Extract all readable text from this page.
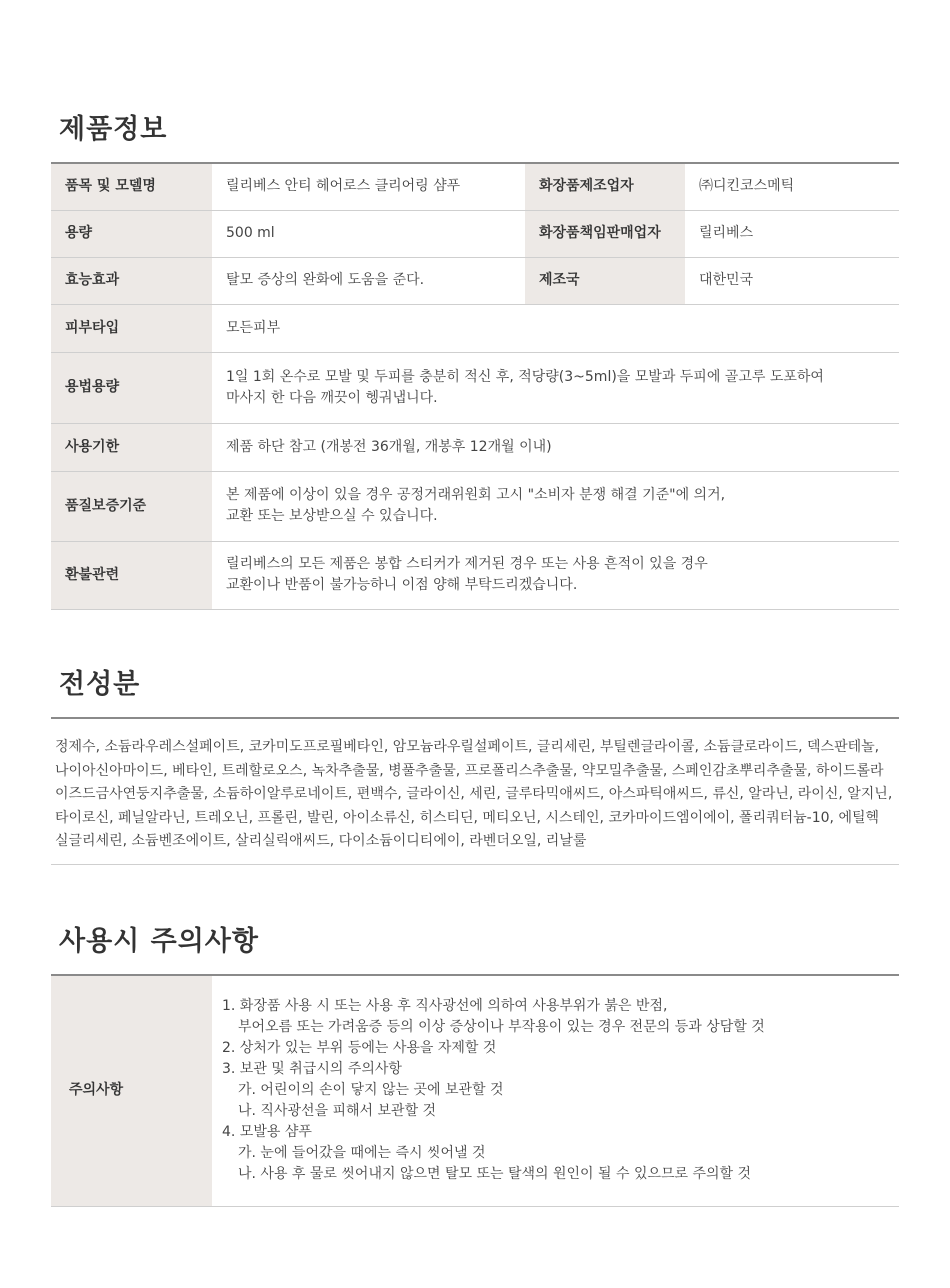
제품정보
품목 및 모델명	릴리베스 안티 헤어로스 클리어링 샴푸	화장품제조업자	㈜디킨코스메틱
용량	500 ml	화장품책임판매업자	릴리베스
효능효과	탈모 증상의 완화에 도움을 준다.	제조국	대한민국
피부타입	모든피부		
용법용량	1일 1회 온수로 모발 및 두피를 충분히 적신 후, 적당량(3~5ml)을 모발과 두피에 골고루 도포하여
마사지 한 다음 깨끗이 헹궈냅니다.		

사용기한	제품 하단 참고 (개봉전 36개월, 개봉후 12개월 이내)		
품질보증기준	본 제품에 이상이 있을 경우 공정거래위원회 고시 "소비자 분쟁 해결 기준"에 의거,
교환 또는 보상받으실 수 있습니다.		

환불관련	릴리베스의 모든 제품은 봉합 스티커가 제거된 경우 또는 사용 흔적이 있을 경우
교환이나 반품이 불가능하니 이점 양해 부탁드리겠습니다.		
전성분
정제수, 소듐라우레스설페이트, 코카미도프로필베타인, 암모늄라우릴설페이트, 글리세린, 부틸렌글라이콜, 소듐클로라이드, 덱스판테놀,
나이아신아마이드, 베타인, 트레할로오스, 녹차추출물, 병풀추출물, 프로폴리스추출물, 약모밀추출물, 스페인감초뿌리추출물, 하이드롤라
이즈드금사연둥지추출물, 소듐하이알루로네이트, 편백수, 글라이신, 세린, 글루타믹애씨드, 아스파틱애씨드, 류신, 알라닌, 라이신, 알지닌,
타이로신, 페닐알라닌, 트레오닌, 프롤린, 발린, 아이소류신, 히스티딘, 메티오닌, 시스테인, 코카마이드엠이에이, 폴리쿼터늄-10, 에틸헥
실글리세린, 소듐벤조에이트, 살리실릭애씨드, 다이소듐이디티에이, 라벤더오일, 리날룰
사용시 주의사항
주의사항	
1. 화장품 사용 시 또는 사용 후 직사광선에 의하여 사용부위가 붉은 반점,
부어오름 또는 가려움증 등의 이상 증상이나 부작용이 있는 경우 전문의 등과 상담할 것
2. 상처가 있는 부위 등에는 사용을 자제할 것
3. 보관 및 취급시의 주의사항
가. 어린이의 손이 닿지 않는 곳에 보관할 것
나. 직사광선을 피해서 보관할 것
4. 모발용 샴푸
가. 눈에 들어갔을 때에는 즉시 씻어낼 것
나. 사용 후 물로 씻어내지 않으면 탈모 또는 탈색의 원인이 될 수 있으므로 주의할 것
